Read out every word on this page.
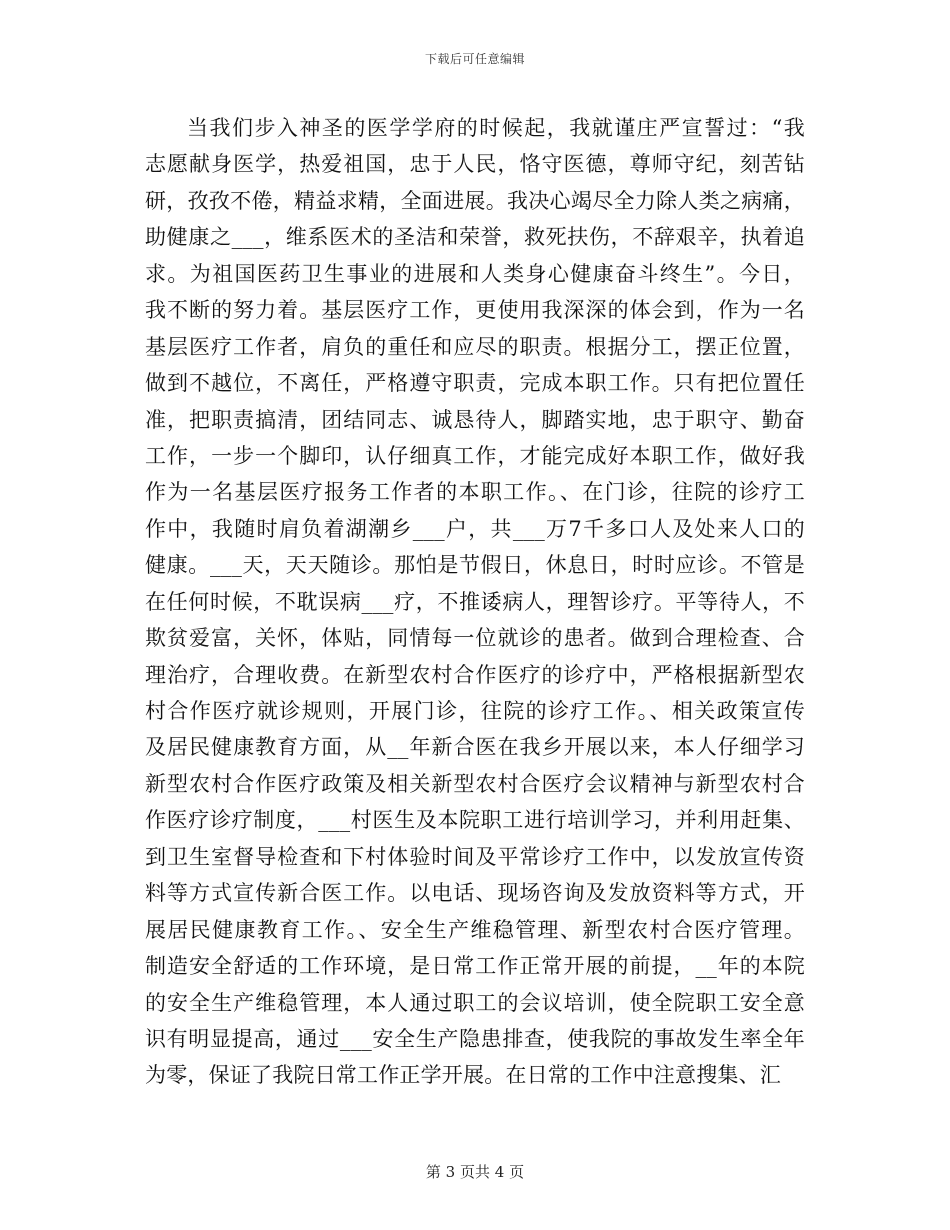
下载后可任意编辑
当我们步入神圣的医学学府的时候起，我就谨庄严宣誓过：“我
志愿献身医学，热爱祖国，忠于人民，恪守医德，尊师守纪，刻苦钻
研，孜孜不倦，精益求精，全面进展。我决心竭尽全力除人类之病痛，
助健康之___，维系医术的圣洁和荣誉，救死扶伤，不辞艰辛，执着追
求。为祖国医药卫生事业的进展和人类身心健康奋斗终生”。今日，
我不断的努力着。基层医疗工作，更使用我深深的体会到，作为一名
基层医疗工作者，肩负的重任和应尽的职责。根据分工，摆正位置，
做到不越位，不离任，严格遵守职责，完成本职工作。只有把位置任
准，把职责搞清，团结同志、诚恳待人，脚踏实地，忠于职守、勤奋
工作，一步一个脚印，认仔细真工作，才能完成好本职工作，做好我
作为一名基层医疗报务工作者的本职工作。、在门诊，往院的诊疗工
作中，我随时肩负着湖潮乡___户，共___万7千多口人及处来人口的
健康。___天，天天随诊。那怕是节假日，休息日，时时应诊。不管是
在任何时候，不耽误病___疗，不推诿病人，理智诊疗。平等待人，不
欺贫爱富，关怀，体贴，同情每一位就诊的患者。做到合理检查、合
理治疗，合理收费。在新型农村合作医疗的诊疗中，严格根据新型农
村合作医疗就诊规则，开展门诊，往院的诊疗工作。、相关政策宣传
及居民健康教育方面，从__年新合医在我乡开展以来，本人仔细学习
新型农村合作医疗政策及相关新型农村合医疗会议精神与新型农村合
作医疗诊疗制度，___村医生及本院职工进行培训学习，并利用赶集、
到卫生室督导检查和下村体验时间及平常诊疗工作中，以发放宣传资
料等方式宣传新合医工作。以电话、现场咨询及发放资料等方式，开
展居民健康教育工作。、安全生产维稳管理、新型农村合医疗管理。
制造安全舒适的工作环境，是日常工作正常开展的前提，__年的本院
的安全生产维稳管理，本人通过职工的会议培训，使全院职工安全意
识有明显提高，通过___安全生产隐患排查，使我院的事故发生率全年
为零，保证了我院日常工作正学开展。在日常的工作中注意搜集、汇
第 3 页共 4 页
